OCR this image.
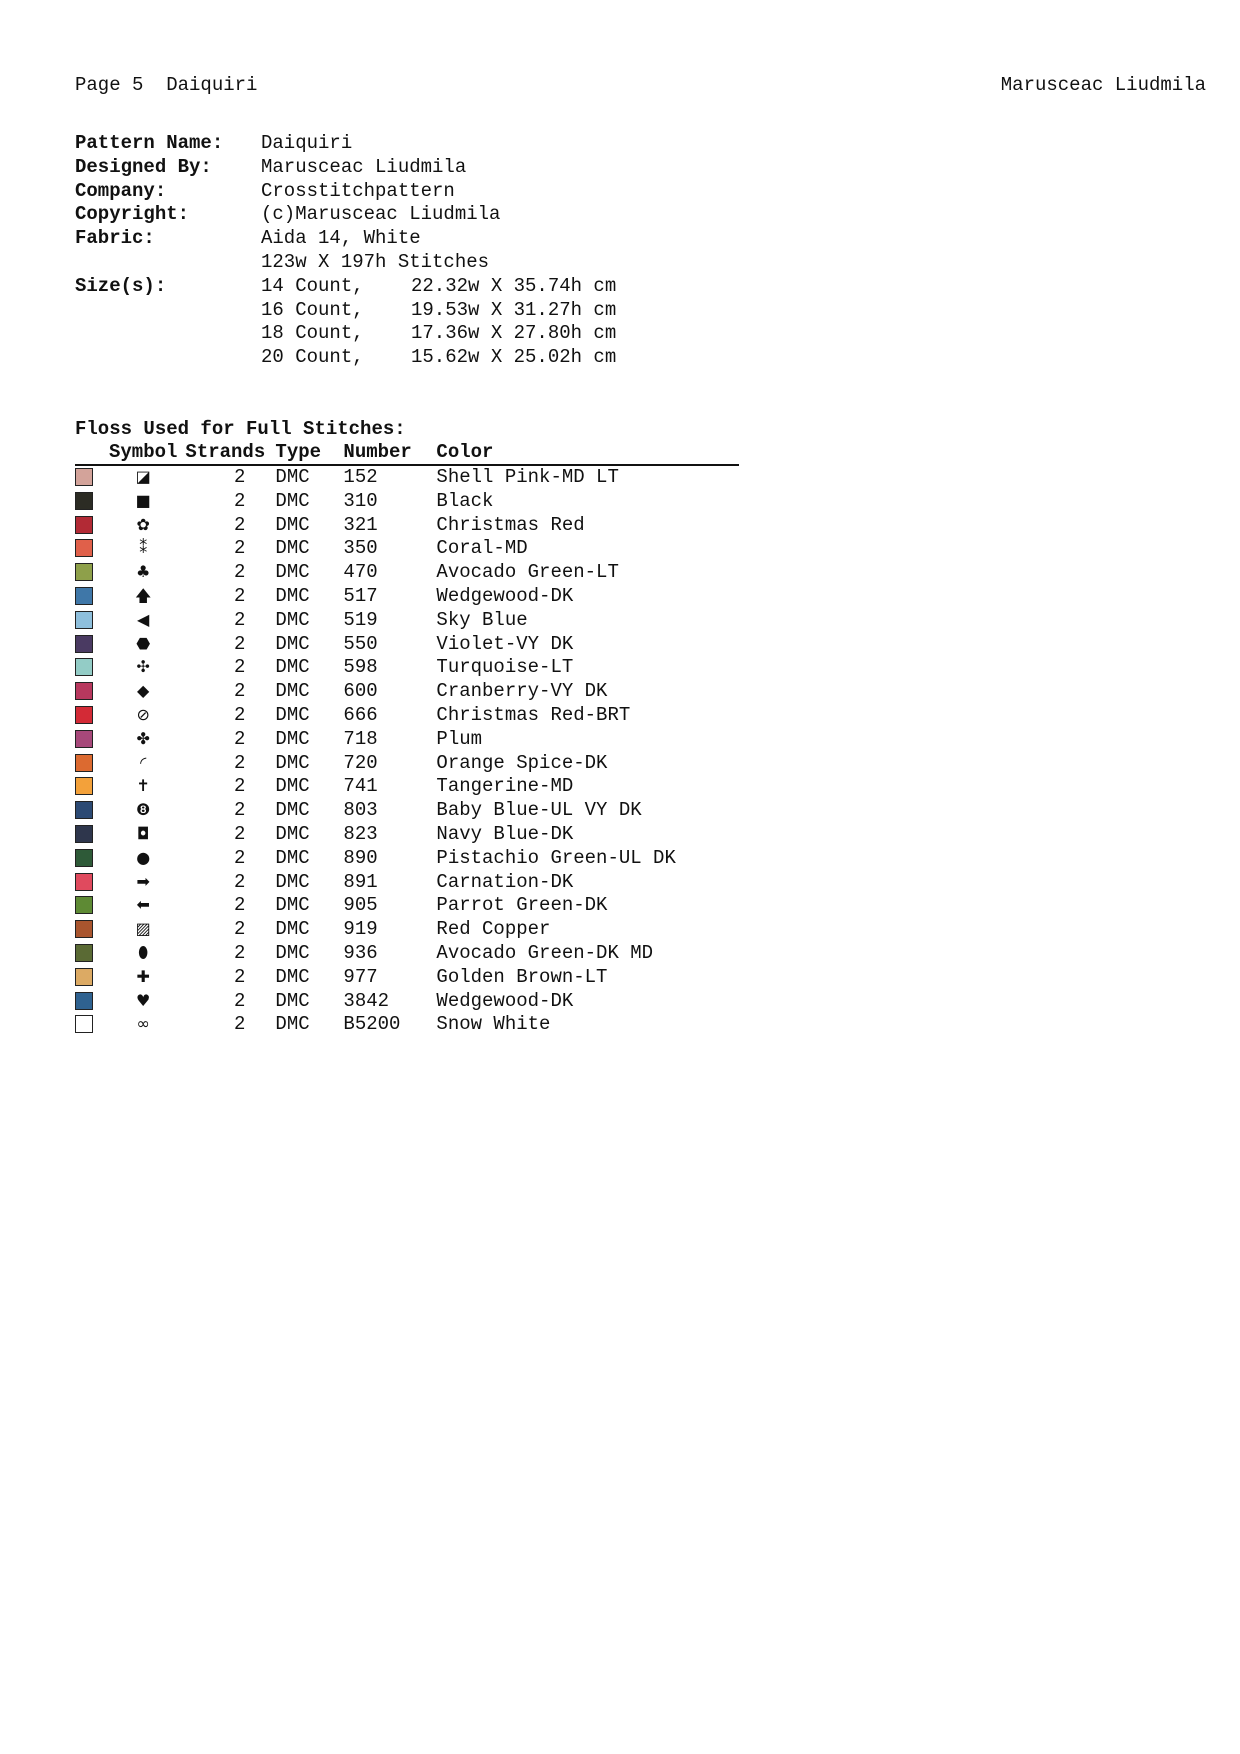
Page 5  Daiquiri	Marusceac Liudmila
Pattern Name:	Daiquiri
Designed By:	Marusceac Liudmila
Company:	Crosstitchpattern
Copyright:	(c)Marusceac Liudmila
Fabric:	Aida 14, White
123w X 197h Stitches
Size(s):	14 Count,	22.32w X 35.74h cm
16 Count,	19.53w X 31.27h cm
18 Count,	17.36w X 27.80h cm
20 Count,	15.62w X 25.02h cm
Floss Used for Full Stitches:
	Symbol	Strands	Type	Number	Color
	◪	2	DMC	152	Shell Pink-MD LT
	■	2	DMC	310	Black
	✿	2	DMC	321	Christmas Red
	⁑	2	DMC	350	Coral-MD
	♣	2	DMC	470	Avocado Green-LT
	🡅	2	DMC	517	Wedgewood-DK
	◀	2	DMC	519	Sky Blue
	⬣	2	DMC	550	Violet-VY DK
	✣	2	DMC	598	Turquoise-LT
	◆	2	DMC	600	Cranberry-VY DK
	⊘	2	DMC	666	Christmas Red-BRT
	✤	2	DMC	718	Plum
	◜	2	DMC	720	Orange Spice-DK
	✝	2	DMC	741	Tangerine-MD
	❽	2	DMC	803	Baby Blue-UL VY DK
	◘	2	DMC	823	Navy Blue-DK
	●	2	DMC	890	Pistachio Green-UL DK
	➡	2	DMC	891	Carnation-DK
	⬅	2	DMC	905	Parrot Green-DK
	▨	2	DMC	919	Red Copper
	⬮	2	DMC	936	Avocado Green-DK MD
	✚	2	DMC	977	Golden Brown-LT
	♥	2	DMC	3842	Wedgewood-DK
	∞	2	DMC	B5200	Snow White
